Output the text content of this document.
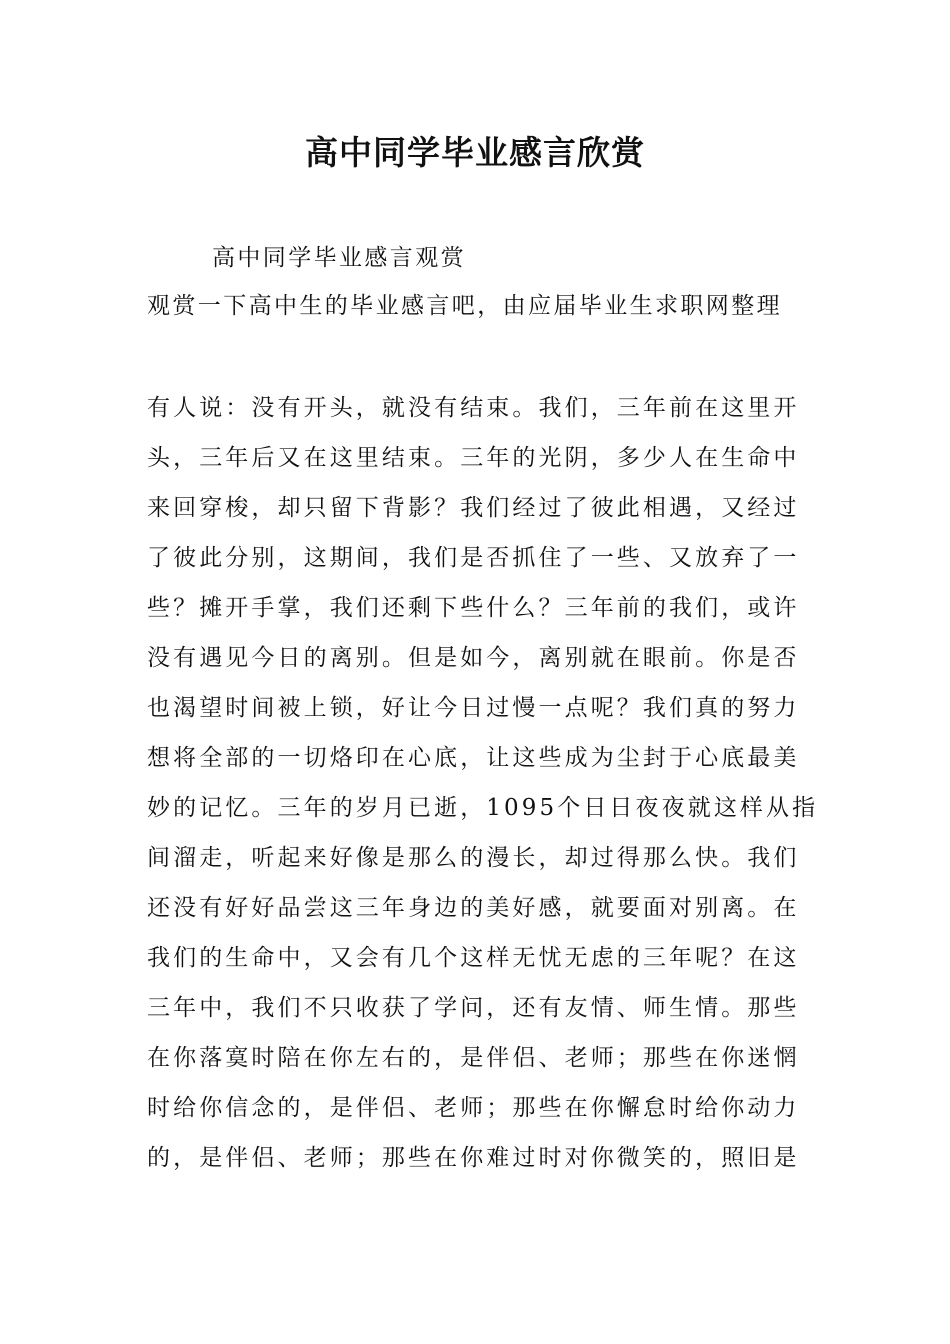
高中同学毕业感言欣赏

高中同学毕业感言观赏

观赏一下高中生的毕业感言吧，由应届毕业生求职网整理

有人说：没有开头，就没有结束。我们，三年前在这里开

头，三年后又在这里结束。三年的光阴，多少人在生命中

来回穿梭，却只留下背影？我们经过了彼此相遇，又经过

了彼此分别，这期间，我们是否抓住了一些、又放弃了一

些？摊开手掌，我们还剩下些什么？三年前的我们，或许

没有遇见今日的离别。但是如今，离别就在眼前。你是否

也渴望时间被上锁，好让今日过慢一点呢？我们真的努力

想将全部的一切烙印在心底，让这些成为尘封于心底最美

妙的记忆。三年的岁月已逝，1095个日日夜夜就这样从指

间溜走，听起来好像是那么的漫长，却过得那么快。我们

还没有好好品尝这三年身边的美好感，就要面对别离。在

我们的生命中，又会有几个这样无忧无虑的三年呢？在这

三年中，我们不只收获了学问，还有友情、师生情。那些

在你落寞时陪在你左右的，是伴侣、老师；那些在你迷惘

时给你信念的，是伴侣、老师；那些在你懈怠时给你动力

的，是伴侣、老师；那些在你难过时对你微笑的，照旧是
